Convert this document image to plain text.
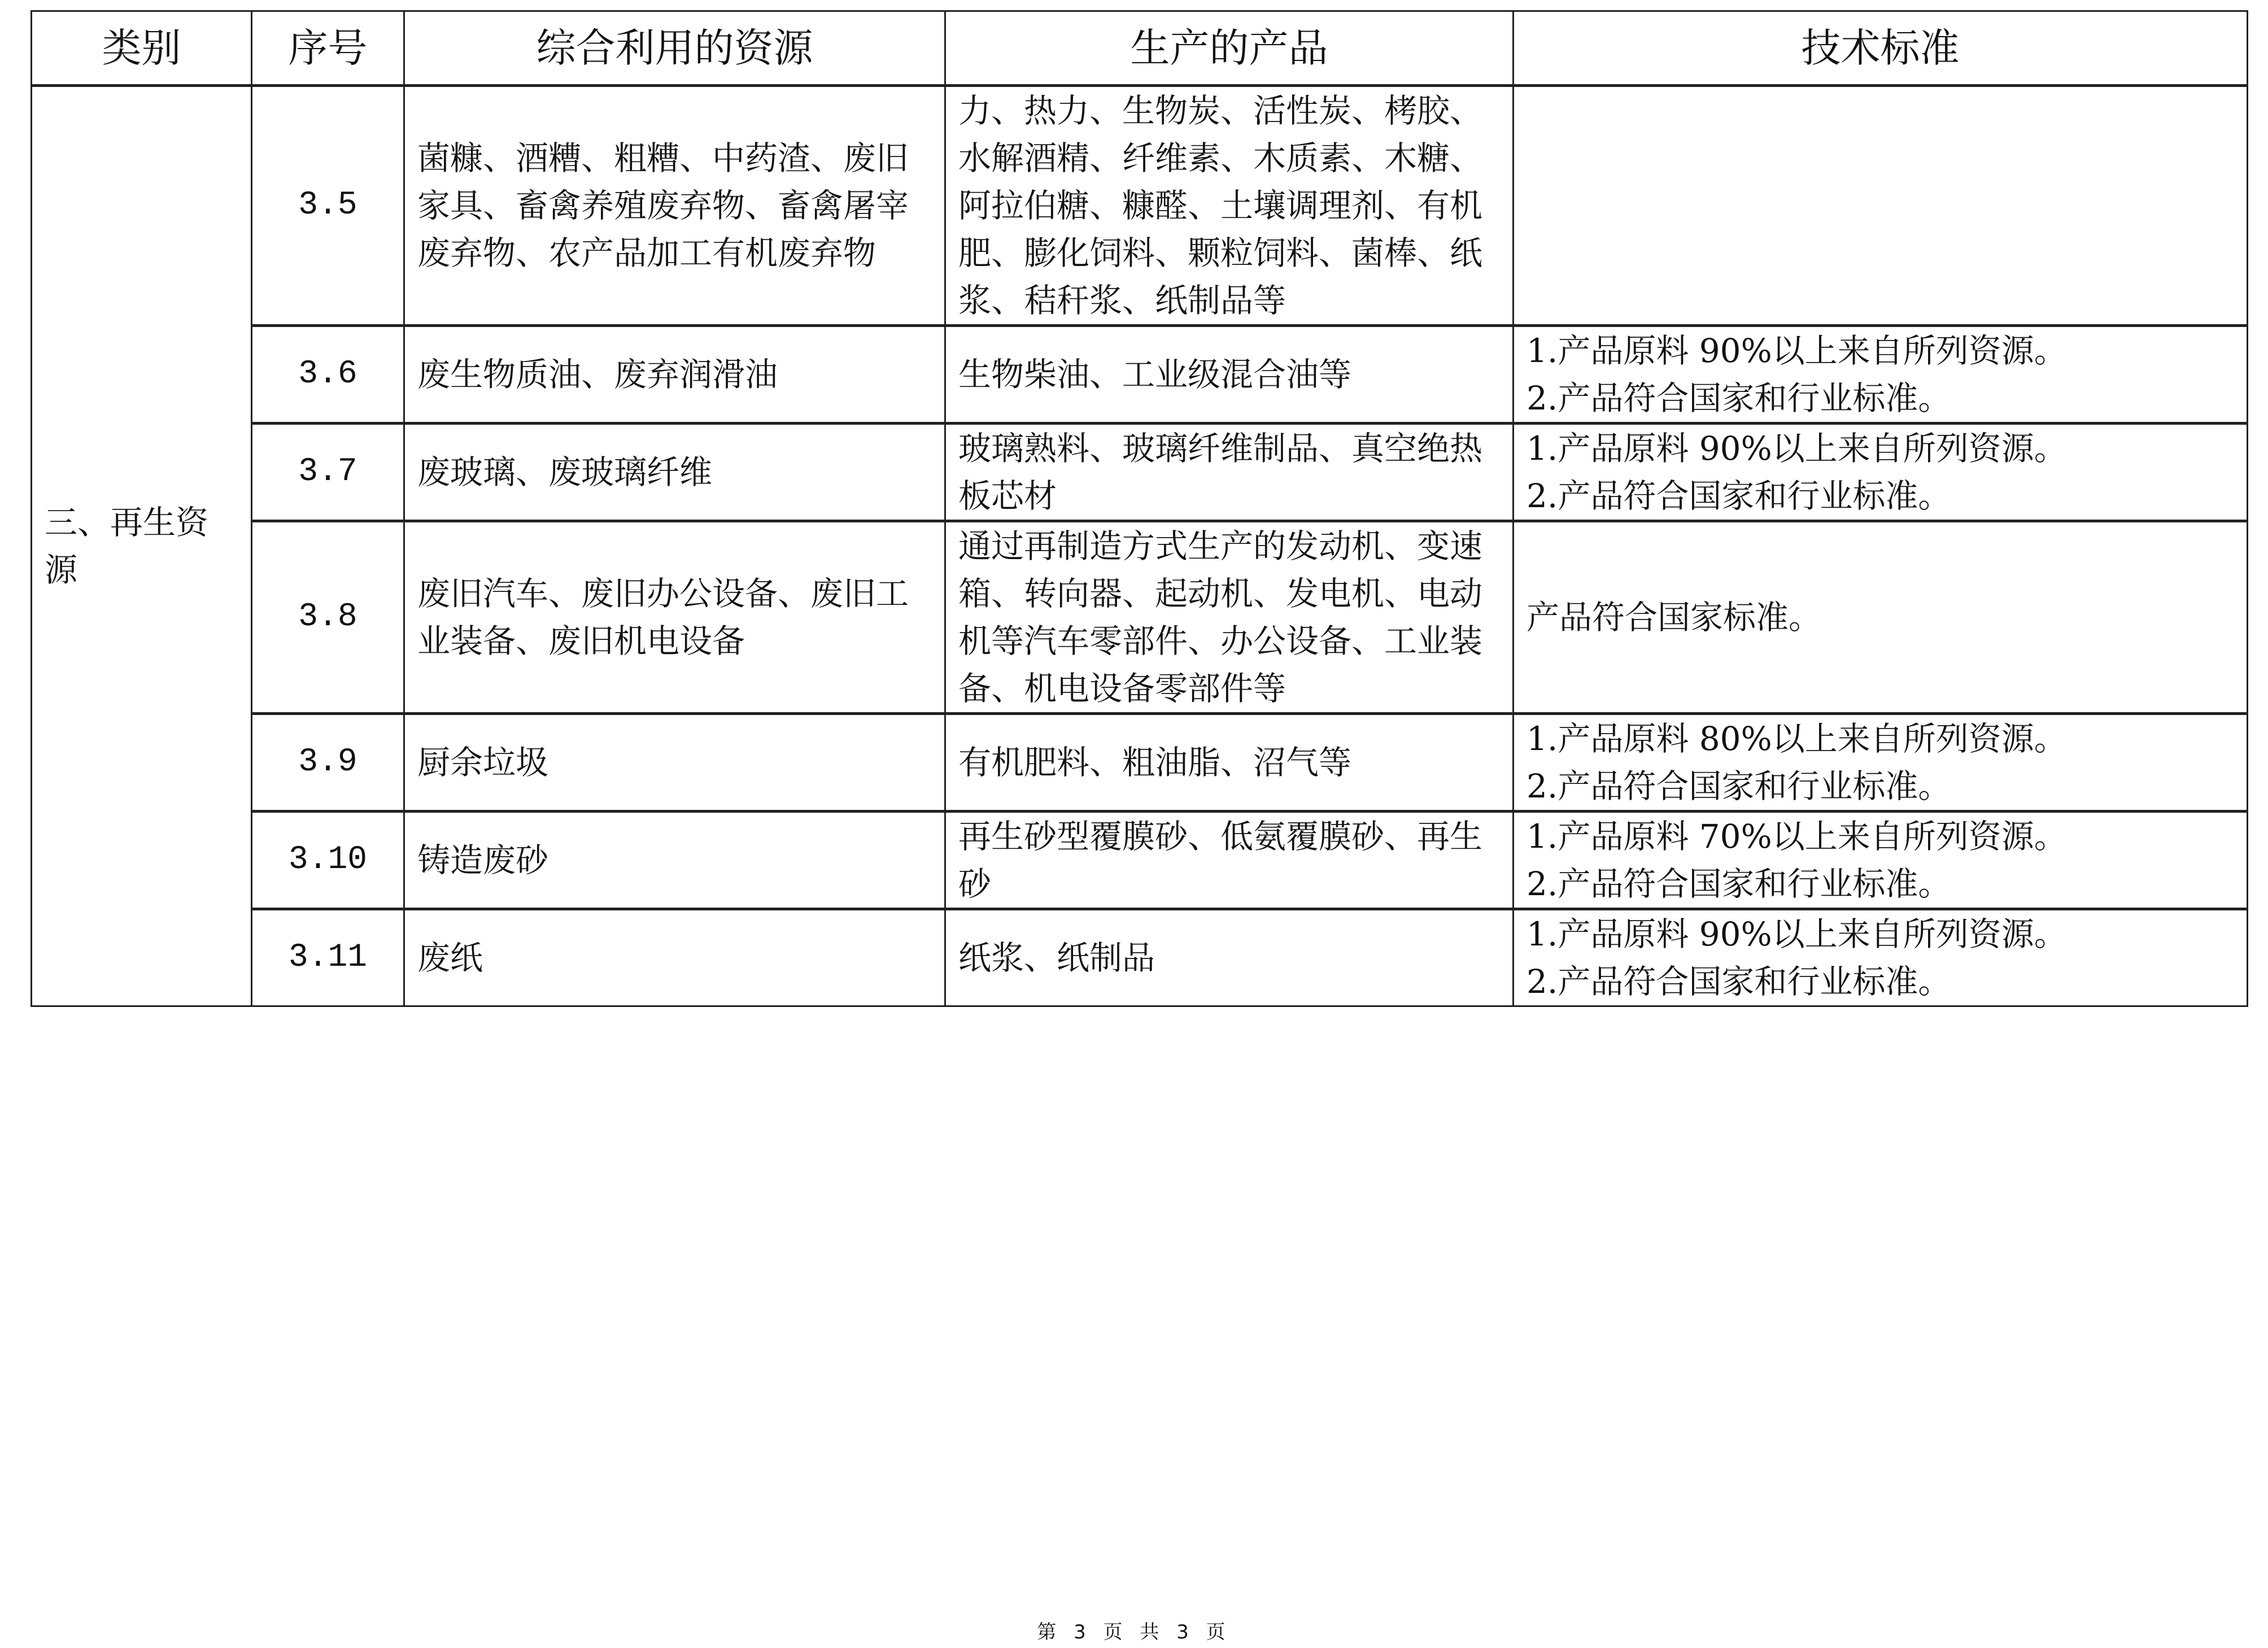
类别	序号	综合利用的资源	生产的产品	技术标准
三、再生资源	3.5	菌糠、酒糟、粗糟、中药渣、废旧家具、畜禽养殖废弃物、畜禽屠宰废弃物、农产品加工有机废弃物	力、热力、生物炭、活性炭、栲胶、水解酒精、纤维素、木质素、木糖、阿拉伯糖、糠醛、土壤调理剂、有机肥、膨化饲料、颗粒饲料、菌棒、纸浆、秸秆浆、纸制品等	

	3.6	废生物质油、废弃润滑油	生物柴油、工业级混合油等	1.产品原料 90%以上来自所列资源。
2.产品符合国家和行业标准。

	3.7	废玻璃、废玻璃纤维	玻璃熟料、玻璃纤维制品、真空绝热板芯材	1.产品原料 90%以上来自所列资源。
2.产品符合国家和行业标准。

	3.8	废旧汽车、废旧办公设备、废旧工业装备、废旧机电设备	通过再制造方式生产的发动机、变速箱、转向器、起动机、发电机、电动机等汽车零部件、办公设备、工业装备、机电设备零部件等	产品符合国家标准。

	3.9	厨余垃圾	有机肥料、粗油脂、沼气等	1.产品原料 80%以上来自所列资源。
2.产品符合国家和行业标准。

	3.10	铸造废砂	再生砂型覆膜砂、低氨覆膜砂、再生砂	1.产品原料 70%以上来自所列资源。
2.产品符合国家和行业标准。

	3.11	废纸	纸浆、纸制品	1.产品原料 90%以上来自所列资源。
2.产品符合国家和行业标准。
第 3 页 共 3 页
